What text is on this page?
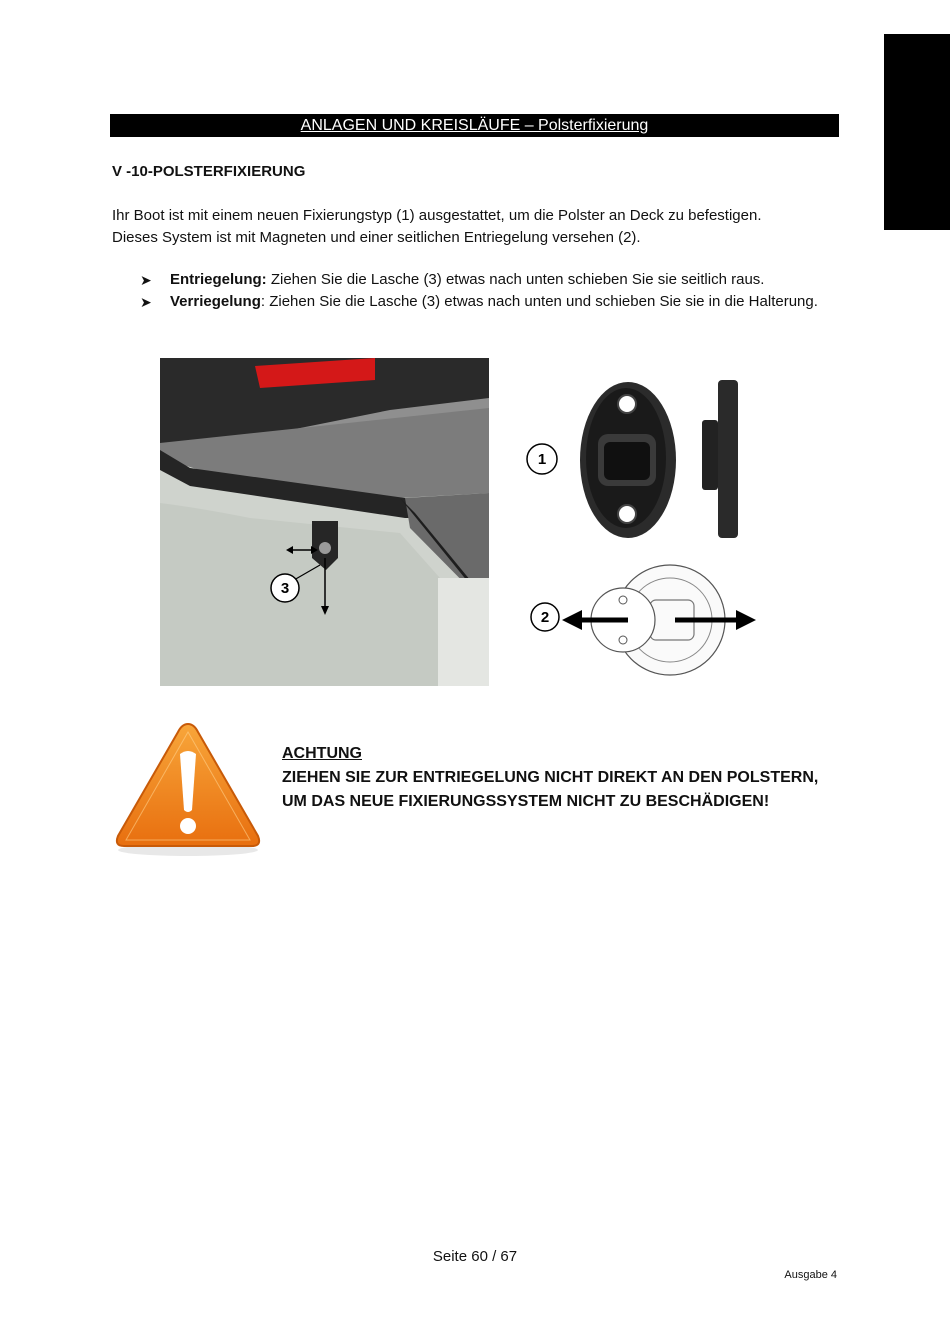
ANLAGEN UND KREISLÄUFE – Polsterfixierung
V -10-POLSTERFIXIERUNG
Ihr Boot ist mit einem neuen Fixierungstyp (1) ausgestattet, um die Polster an Deck zu befestigen.
Dieses System ist mit Magneten und einer seitlichen Entriegelung versehen (2).
➤ Entriegelung: Ziehen Sie die Lasche (3) etwas nach unten schieben Sie sie seitlich raus.
➤ Verriegelung: Ziehen Sie die Lasche (3) etwas nach unten und schieben Sie sie in die Halterung.
3
1
2
ACHTUNG
ZIEHEN SIE ZUR ENTRIEGELUNG NICHT DIREKT AN DEN POLSTERN,
UM DAS NEUE FIXIERUNGSSYSTEM NICHT ZU BESCHÄDIGEN!
Seite 60 / 67
Ausgabe 4
